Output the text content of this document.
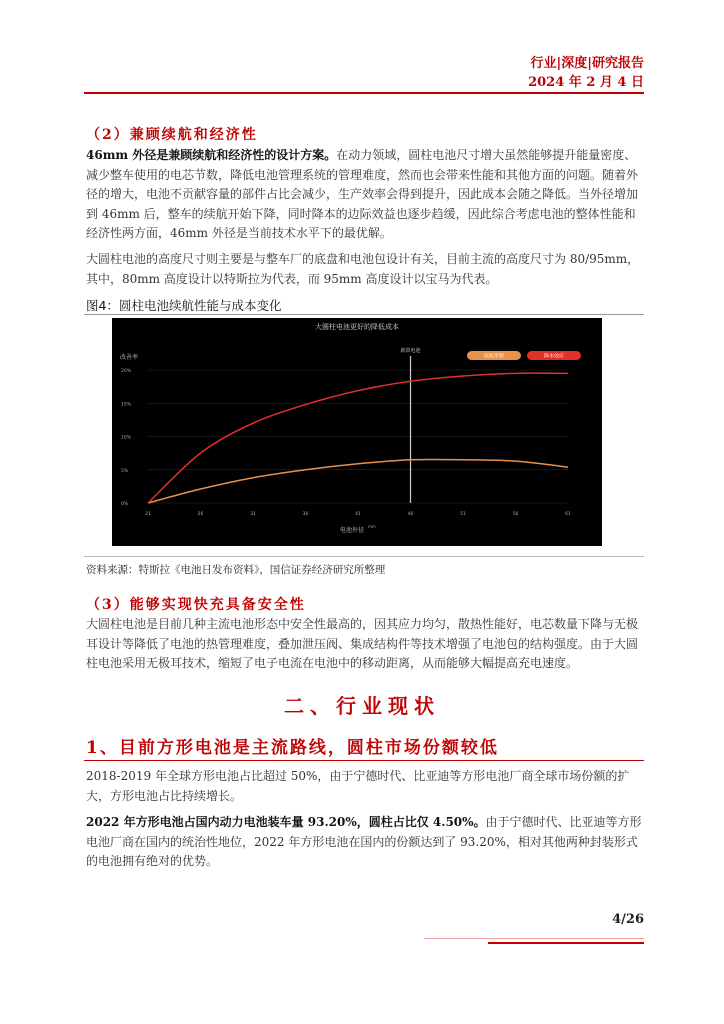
行业|深度|研究报告
2024 年 2 月 4 日
（2）兼顾续航和经济性
46mm 外径是兼顾续航和经济性的设计方案。在动力领域，圆柱电池尺寸增大虽然能够提升能量密度、减少整车使用的电芯节数，降低电池管理系统的管理难度，然而也会带来性能和其他方面的问题。随着外径的增大，电池不贡献容量的部件占比会减少，生产效率会得到提升，因此成本会随之降低。当外径增加到 46mm 后，整车的续航开始下降，同时降本的边际效益也逐步趋缓，因此综合考虑电池的整体性能和经济性两方面，46mm 外径是当前技术水平下的最优解。
大圆柱电池的高度尺寸则主要是与整车厂的底盘和电池包设计有关，目前主流的高度尺寸为 80/95mm，其中，80mm 高度设计以特斯拉为代表，而 95mm 高度设计以宝马为代表。
图4：圆柱电池续航性能与成本变化
大圆柱电池更好的降低成本
改善率
电池外径
mm
0%
5%
10%
15%
20%
21	26	31	36	41	46	51	56	61
新款电池
续航里程	降本效应
资料来源：特斯拉《电池日发布资料》，国信证券经济研究所整理
（3）能够实现快充具备安全性
大圆柱电池是目前几种主流电池形态中安全性最高的，因其应力均匀，散热性能好，电芯数量下降与无极耳设计等降低了电池的热管理难度，叠加泄压阀、集成结构件等技术增强了电池包的结构强度。由于大圆柱电池采用无极耳技术，缩短了电子电流在电池中的移动距离，从而能够大幅提高充电速度。
二、行业现状
1、目前方形电池是主流路线，圆柱市场份额较低
2018-2019 年全球方形电池占比超过 50%，由于宁德时代、比亚迪等方形电池厂商全球市场份额的扩大，方形电池占比持续增长。
2022 年方形电池占国内动力电池装车量 93.20%，圆柱占比仅 4.50%。由于宁德时代、比亚迪等方形电池厂商在国内的统治性地位，2022 年方形电池在国内的份额达到了 93.20%，相对其他两种封装形式的电池拥有绝对的优势。
4/26
